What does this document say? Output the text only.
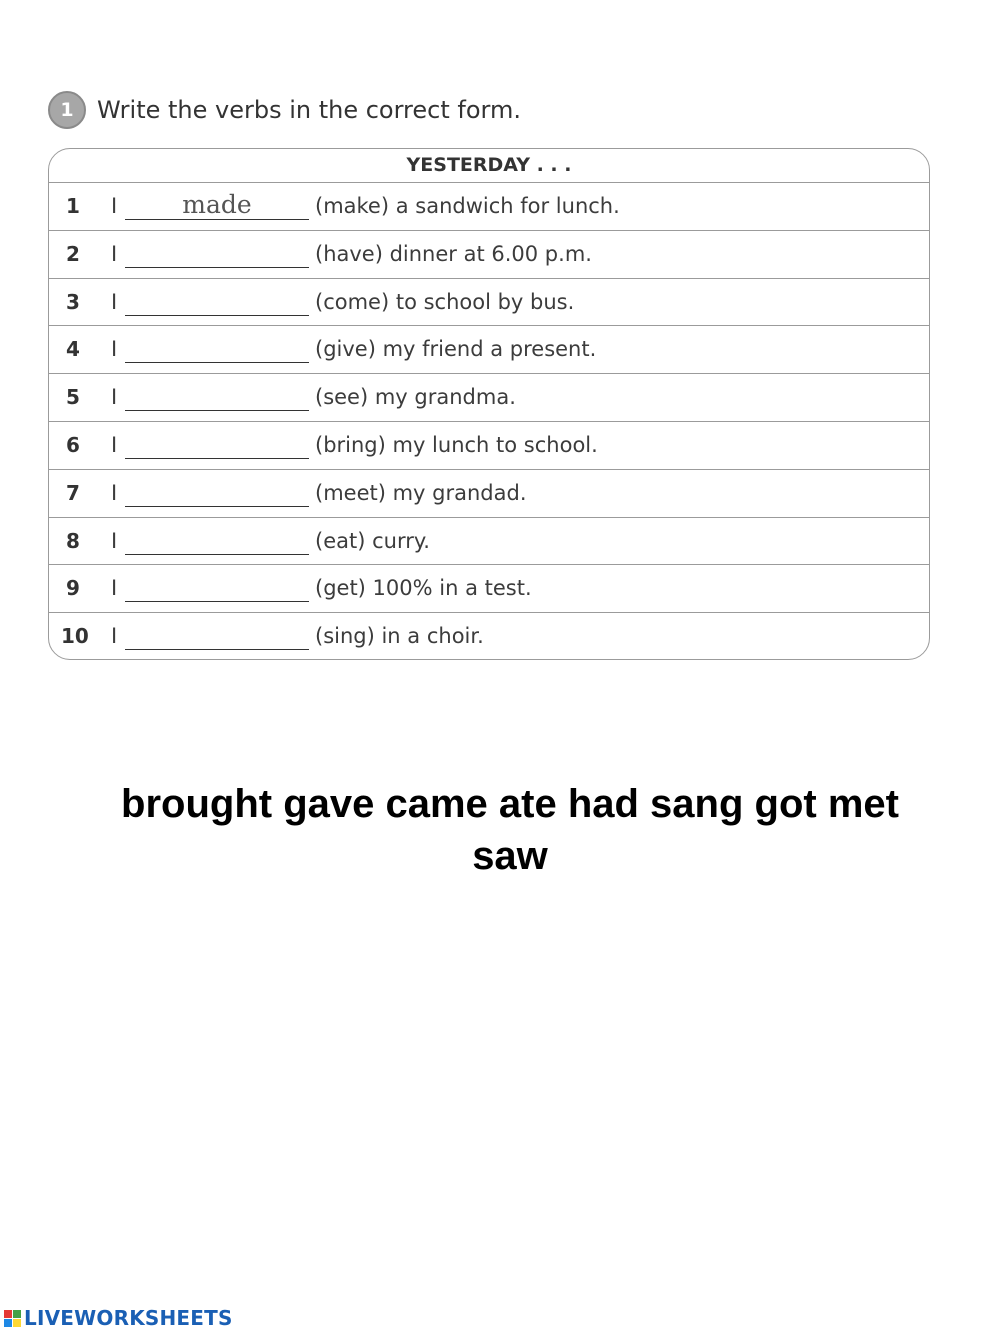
1 Write the verbs in the correct form.
YESTERDAY . . .
1 I	made	(make) a sandwich for lunch.
2 I	(have) dinner at 6.00 p.m.
3 I	(come) to school by bus.
4 I	(give) my friend a present.
5 I	(see) my grandma.
6 I	(bring) my lunch to school.
7 I	(meet) my grandad.
8 I	(eat) curry.
9 I	(get) 100% in a test.
10 I	(sing) in a choir.
brought gave came ate had sang got met saw
LIVEWORKSHEETS
